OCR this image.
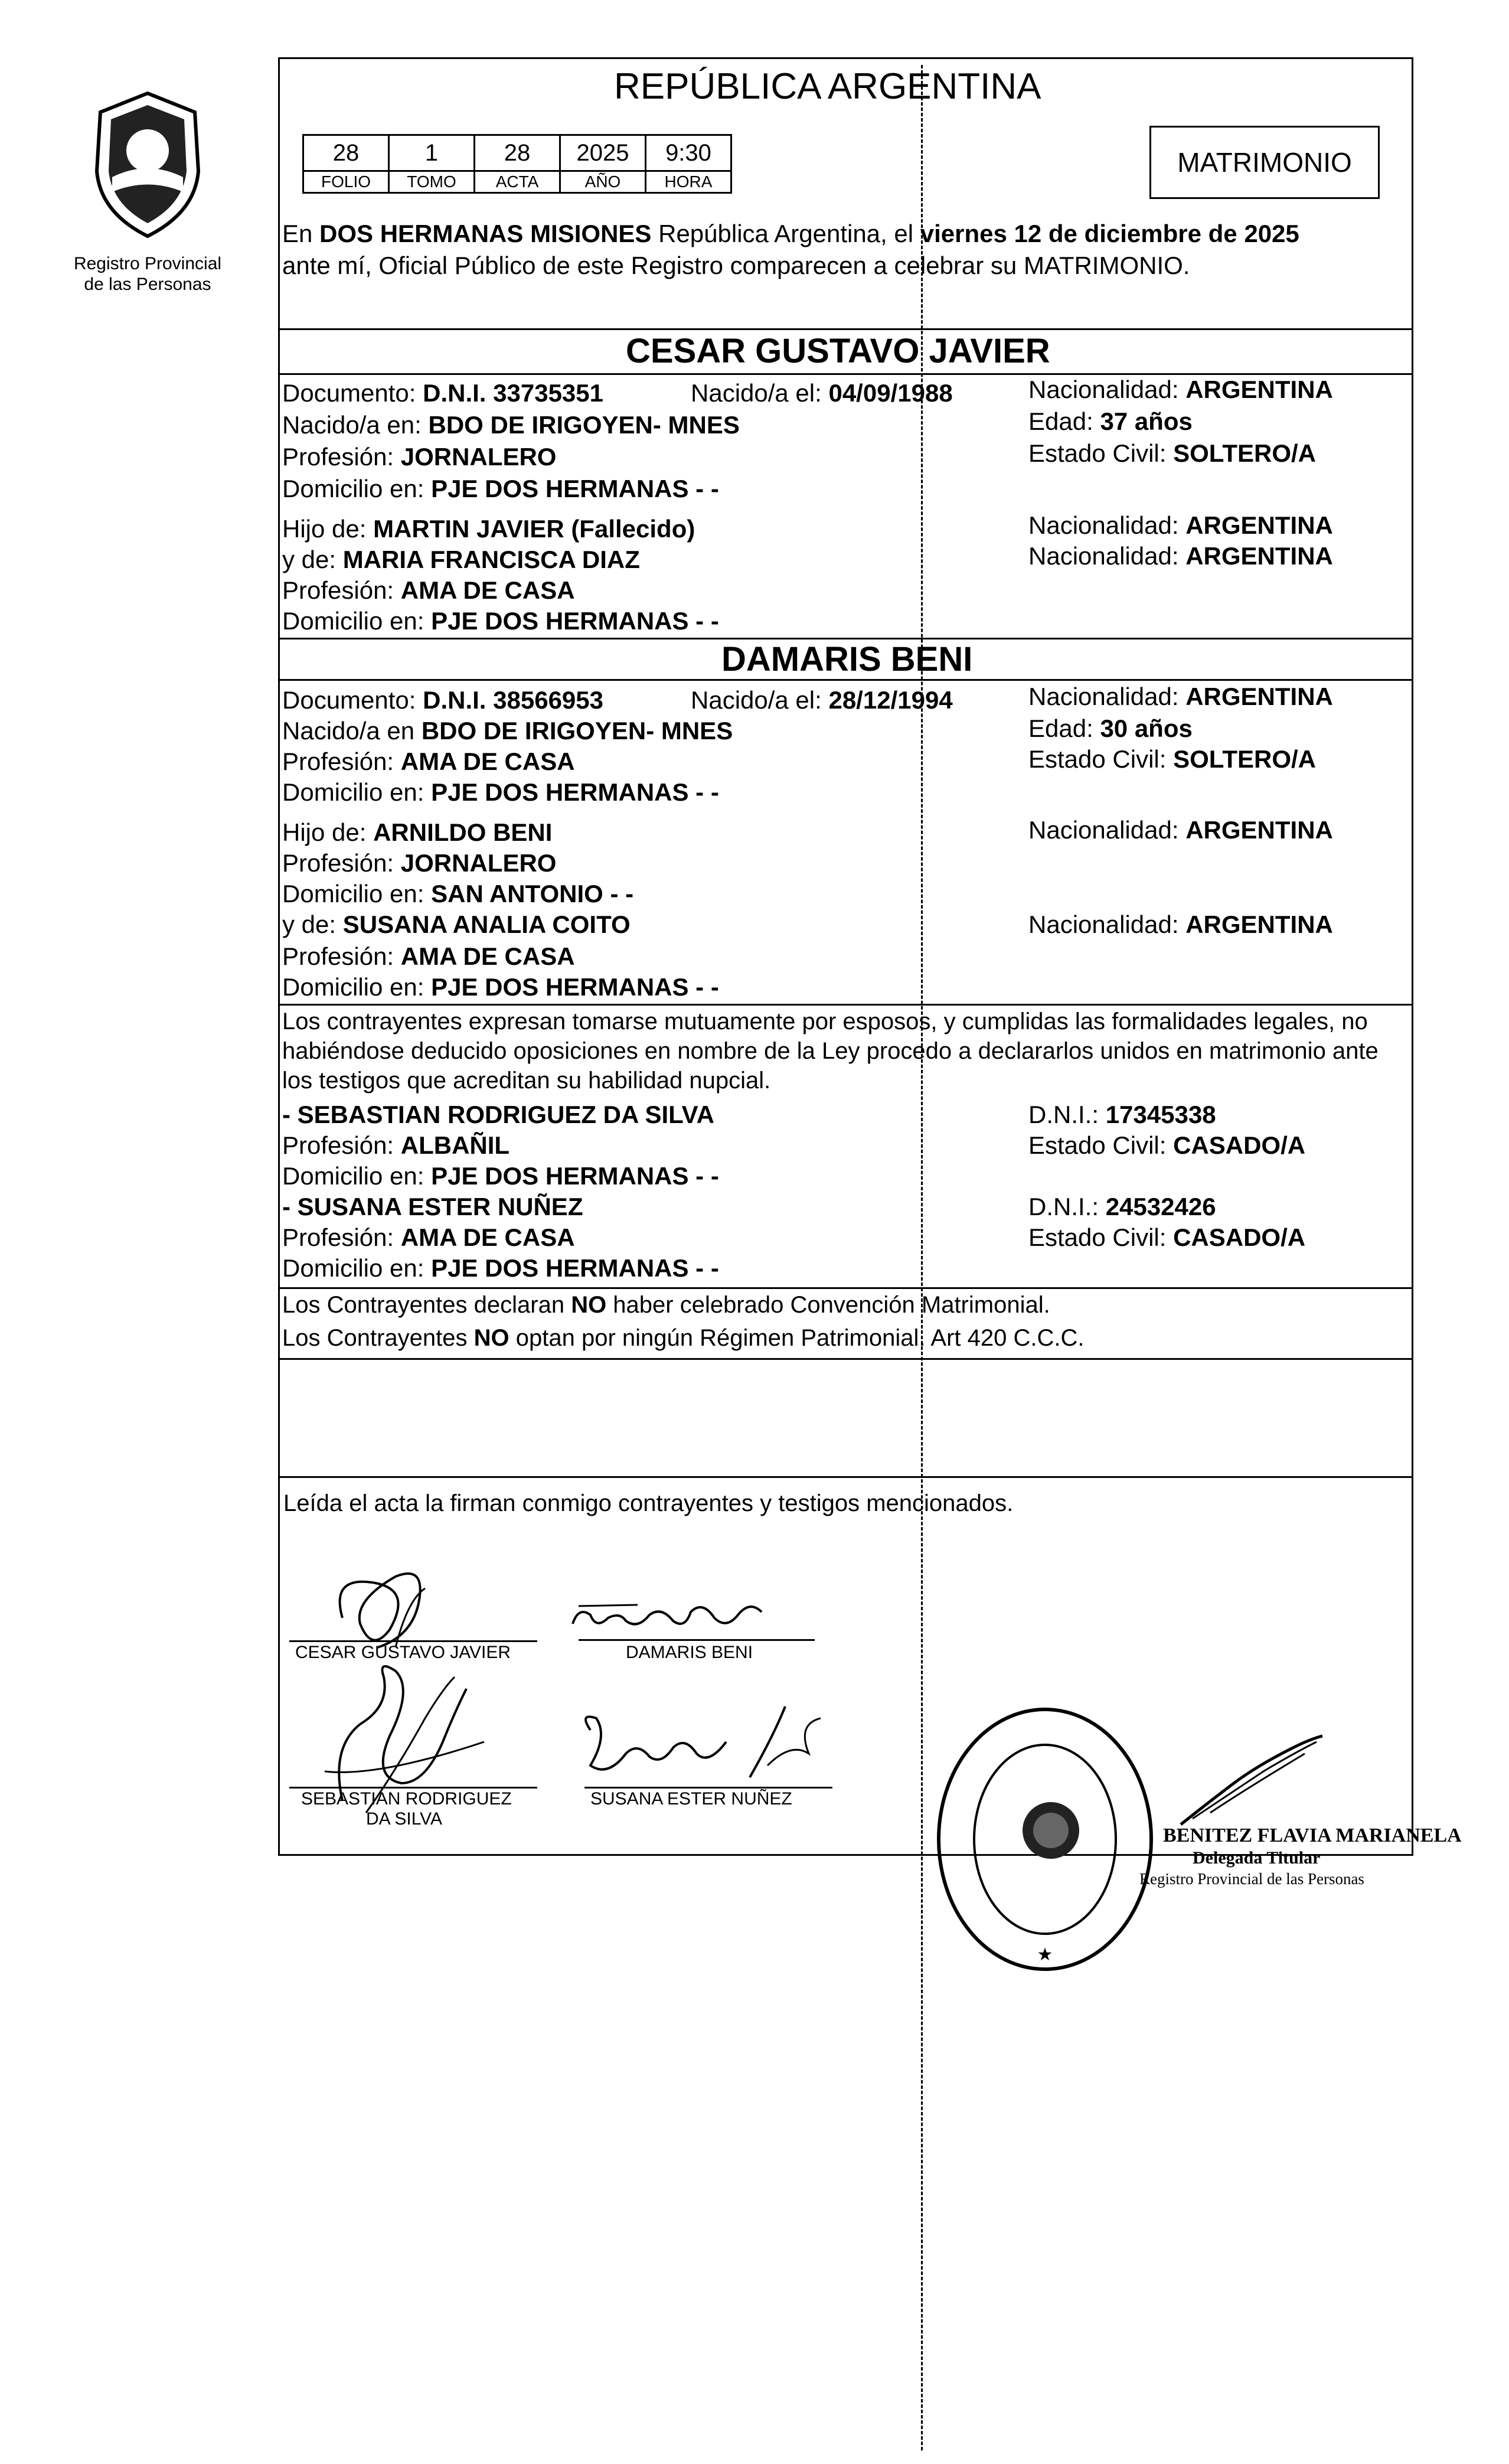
Registro Provincial
de las Personas
REPÚBLICA ARGENTINA
28	1	28	2025	9:30
FOLIO	TOMO	ACTA	AÑO	HORA
MATRIMONIO
En DOS HERMANAS MISIONES República Argentina, el viernes 12 de diciembre de 2025
ante mí, Oficial Público de este Registro comparecen a celebrar su MATRIMONIO.
CESAR GUSTAVO JAVIER
Documento: D.N.I. 33735351	Nacido/a el: 04/09/1988	Nacionalidad: ARGENTINA
Nacido/a en: BDO DE IRIGOYEN- MNES	Edad: 37 años
Profesión: JORNALERO	Estado Civil: SOLTERO/A
Domicilio en: PJE DOS HERMANAS - -
Hijo de: MARTIN JAVIER (Fallecido)	Nacionalidad: ARGENTINA
y de: MARIA FRANCISCA DIAZ	Nacionalidad: ARGENTINA
Profesión: AMA DE CASA
Domicilio en: PJE DOS HERMANAS - -
DAMARIS BENI
Documento: D.N.I. 38566953	Nacido/a el: 28/12/1994	Nacionalidad: ARGENTINA
Nacido/a en BDO DE IRIGOYEN- MNES	Edad: 30 años
Profesión: AMA DE CASA	Estado Civil: SOLTERO/A
Domicilio en: PJE DOS HERMANAS - -
Hijo de: ARNILDO BENI	Nacionalidad: ARGENTINA
Profesión: JORNALERO
Domicilio en: SAN ANTONIO - -
y de: SUSANA ANALIA COITO	Nacionalidad: ARGENTINA
Profesión: AMA DE CASA
Domicilio en: PJE DOS HERMANAS - -
Los contrayentes expresan tomarse mutuamente por esposos, y cumplidas las formalidades legales, no
habiéndose deducido oposiciones en nombre de la Ley procedo a declararlos unidos en matrimonio ante
los testigos que acreditan su habilidad nupcial.
- SEBASTIAN RODRIGUEZ DA SILVA	D.N.I.: 17345338
Profesión: ALBAÑIL	Estado Civil: CASADO/A
Domicilio en: PJE DOS HERMANAS - -
- SUSANA ESTER NUÑEZ	D.N.I.: 24532426
Profesión: AMA DE CASA	Estado Civil: CASADO/A
Domicilio en: PJE DOS HERMANAS - -
Los Contrayentes declaran NO haber celebrado Convención Matrimonial.
Los Contrayentes NO optan por ningún Régimen Patrimonial. Art 420 C.C.C.
Leída el acta la firman conmigo contrayentes y testigos mencionados.
CESAR GUSTAVO JAVIER	DAMARIS BENI
SEBASTIAN RODRIGUEZ
DA SILVA
SUSANA ESTER NUÑEZ
★
BENITEZ FLAVIA MARIANELA
Delegada Titular
Registro Provincial de las Personas
